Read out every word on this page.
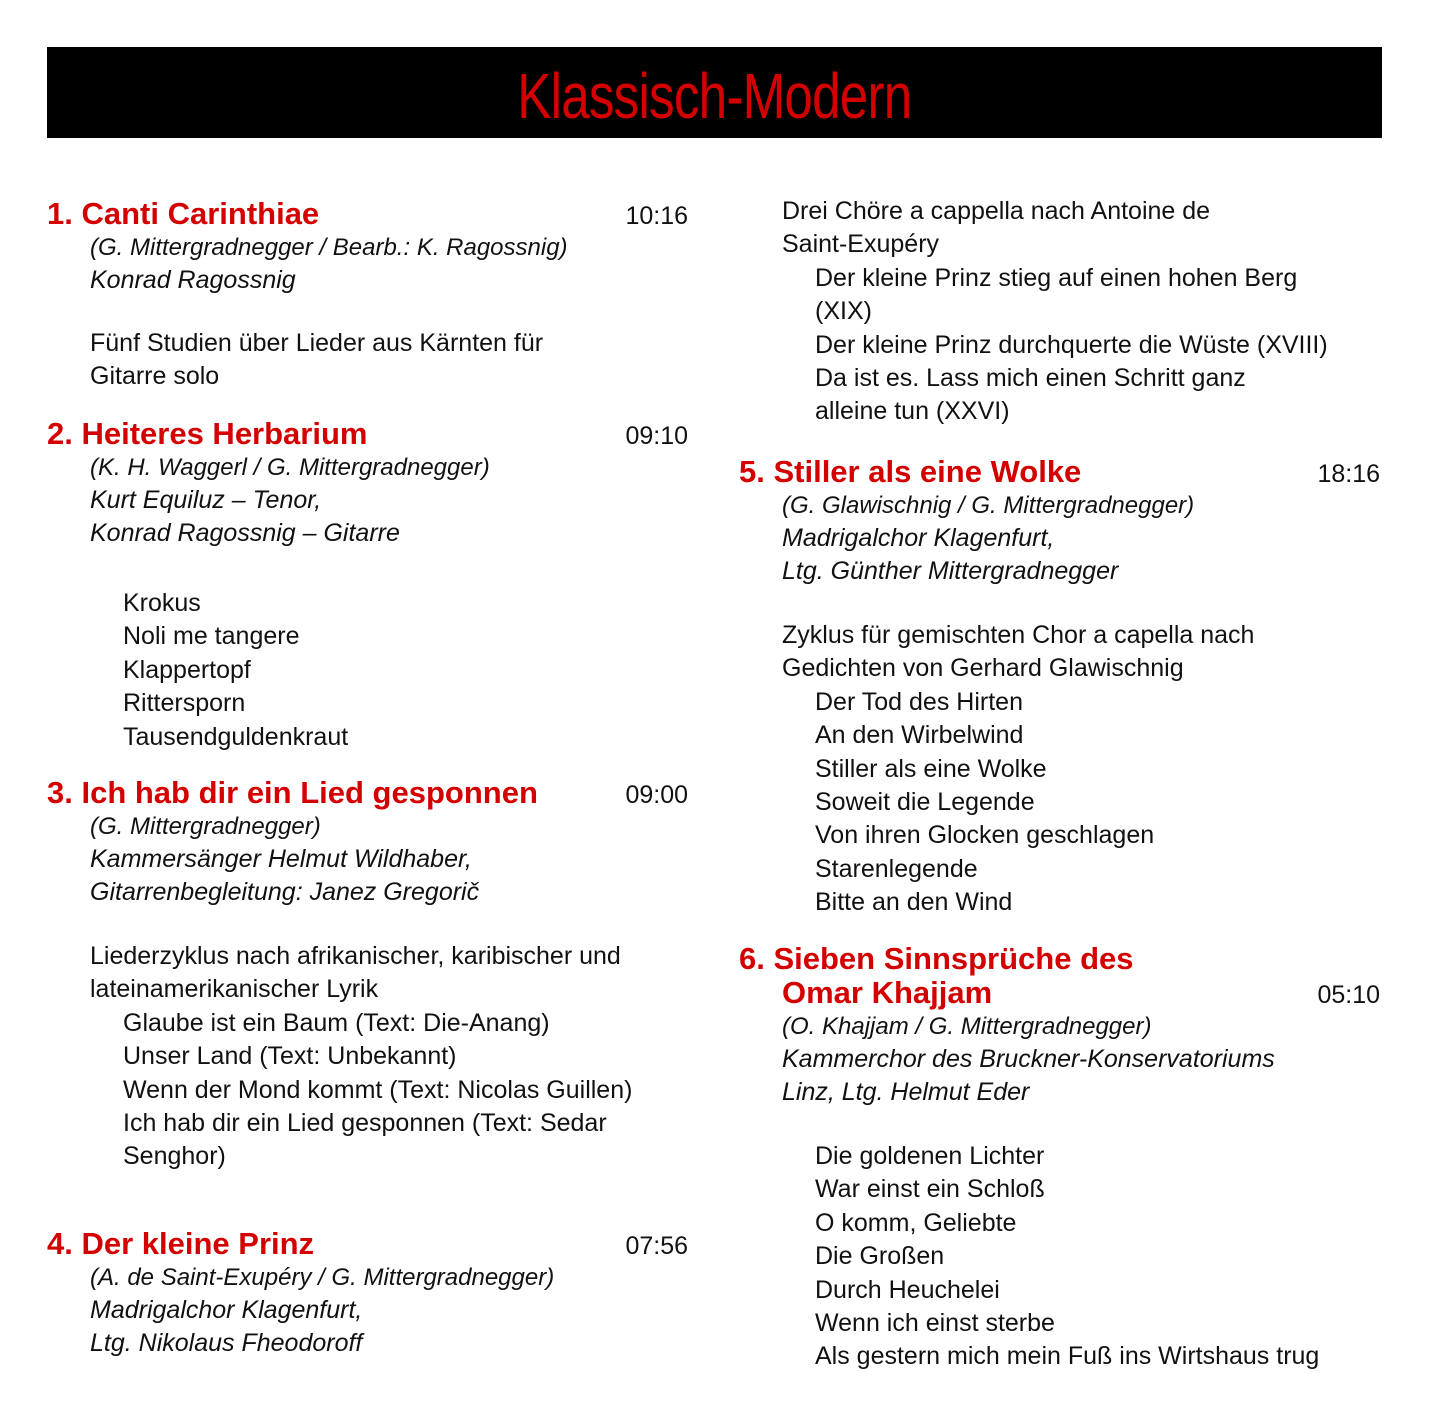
Klassisch-Modern
1. Canti Carinthiae	10:16
(G. Mittergradnegger / Bearb.: K. Ragossnig)
Konrad Ragossnig
Fünf Studien über Lieder aus Kärnten für
Gitarre solo
2. Heiteres Herbarium	09:10
(K. H. Waggerl / G. Mittergradnegger)
Kurt Equiluz – Tenor,
Konrad Ragossnig – Gitarre
Krokus
Noli me tangere
Klappertopf
Rittersporn
Tausendguldenkraut
3. Ich hab dir ein Lied gesponnen	09:00
(G. Mittergradnegger)
Kammersänger Helmut Wildhaber,
Gitarrenbegleitung: Janez Gregorič
Liederzyklus nach afrikanischer, karibischer und
lateinamerikanischer Lyrik
Glaube ist ein Baum (Text: Die-Anang)
Unser Land (Text: Unbekannt)
Wenn der Mond kommt (Text: Nicolas Guillen)
Ich hab dir ein Lied gesponnen (Text: Sedar
Senghor)
4. Der kleine Prinz	07:56
(A. de Saint-Exupéry / G. Mittergradnegger)
Madrigalchor Klagenfurt,
Ltg. Nikolaus Fheodoroff
Drei Chöre a cappella nach Antoine de
Saint-Exupéry
Der kleine Prinz stieg auf einen hohen Berg
(XIX)
Der kleine Prinz durchquerte die Wüste (XVIII)
Da ist es. Lass mich einen Schritt ganz
alleine tun (XXVI)
5. Stiller als eine Wolke	18:16
(G. Glawischnig / G. Mittergradnegger)
Madrigalchor Klagenfurt,
Ltg. Günther Mittergradnegger
Zyklus für gemischten Chor a capella nach
Gedichten von Gerhard Glawischnig
Der Tod des Hirten
An den Wirbelwind
Stiller als eine Wolke
Soweit die Legende
Von ihren Glocken geschlagen
Starenlegende
Bitte an den Wind
6. Sieben Sinnsprüche des
Omar Khajjam	05:10
(O. Khajjam / G. Mittergradnegger)
Kammerchor des Bruckner-Konservatoriums
Linz, Ltg. Helmut Eder
Die goldenen Lichter
War einst ein Schloß
O komm, Geliebte
Die Großen
Durch Heuchelei
Wenn ich einst sterbe
Als gestern mich mein Fuß ins Wirtshaus trug
